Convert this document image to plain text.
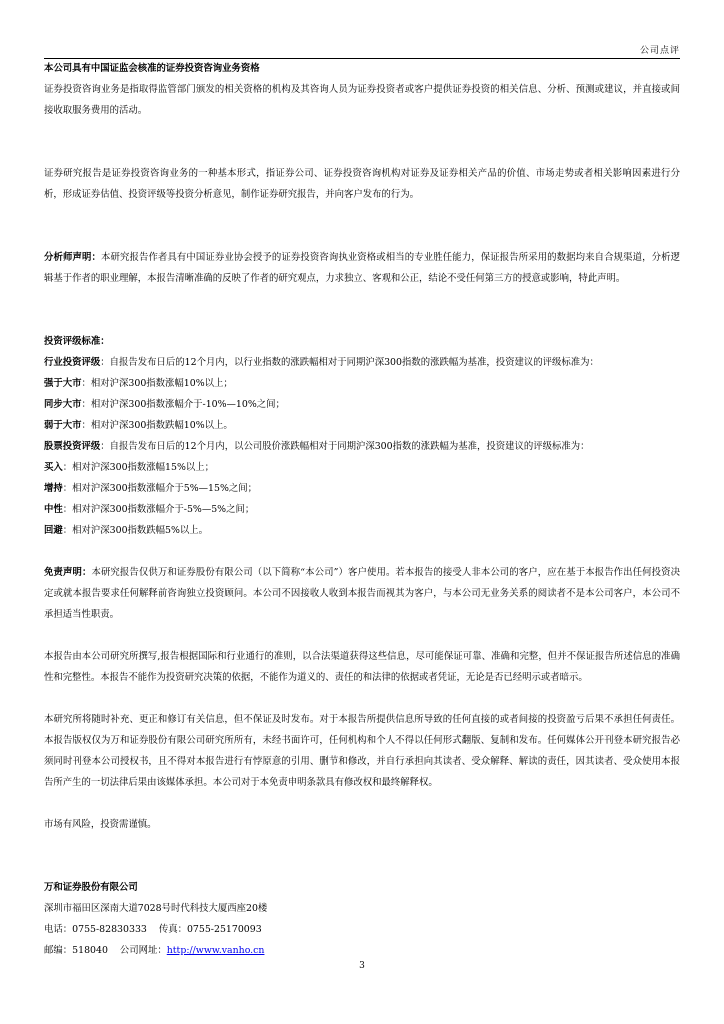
公司点评

本公司具有中国证监会核准的证券投资咨询业务资格

证券投资咨询业务是指取得监管部门颁发的相关资格的机构及其咨询人员为证券投资者或客户提供证券投资的相关信息、分析、预测或建议，并直接或间接收取服务费用的活动。

证券研究报告是证券投资咨询业务的一种基本形式，指证券公司、证券投资咨询机构对证券及证券相关产品的价值、市场走势或者相关影响因素进行分析，形成证券估值、投资评级等投资分析意见，制作证券研究报告，并向客户发布的行为。

分析师声明：本研究报告作者具有中国证券业协会授予的证券投资咨询执业资格或相当的专业胜任能力，保证报告所采用的数据均来自合规渠道，分析逻辑基于作者的职业理解，本报告清晰准确的反映了作者的研究观点，力求独立、客观和公正，结论不受任何第三方的授意或影响，特此声明。

投资评级标准：

行业投资评级：自报告发布日后的12个月内，以行业指数的涨跌幅相对于同期沪深300指数的涨跌幅为基准，投资建议的评级标准为：

强于大市：相对沪深300指数涨幅10%以上；

同步大市：相对沪深300指数涨幅介于-10%—10%之间；

弱于大市：相对沪深300指数跌幅10%以上。

股票投资评级：自报告发布日后的12个月内，以公司股价涨跌幅相对于同期沪深300指数的涨跌幅为基准，投资建议的评级标准为：

买入：相对沪深300指数涨幅15%以上；

增持：相对沪深300指数涨幅介于5%—15%之间；

中性：相对沪深300指数涨幅介于-5%—5%之间；

回避：相对沪深300指数跌幅5%以上。

免责声明：本研究报告仅供万和证券股份有限公司（以下简称“本公司”）客户使用。若本报告的接受人非本公司的客户，应在基于本报告作出任何投资决定或就本报告要求任何解释前咨询独立投资顾问。本公司不因接收人收到本报告而视其为客户，与本公司无业务关系的阅读者不是本公司客户，本公司不承担适当性职责。

本报告由本公司研究所撰写,报告根据国际和行业通行的准则，以合法渠道获得这些信息，尽可能保证可靠、准确和完整，但并不保证报告所述信息的准确性和完整性。本报告不能作为投资研究决策的依据，不能作为道义的、责任的和法律的依据或者凭证，无论是否已经明示或者暗示。

本研究所将随时补充、更正和修订有关信息，但不保证及时发布。对于本报告所提供信息所导致的任何直接的或者间接的投资盈亏后果不承担任何责任。本报告版权仅为万和证券股份有限公司研究所所有，未经书面许可，任何机构和个人不得以任何形式翻版、复制和发布。任何媒体公开刊登本研究报告必须同时刊登本公司授权书，且不得对本报告进行有悖原意的引用、删节和修改，并自行承担向其读者、受众解释、解读的责任，因其读者、受众使用本报告所产生的一切法律后果由该媒体承担。本公司对于本免责申明条款具有修改权和最终解释权。

市场有风险，投资需谨慎。

万和证券股份有限公司

深圳市福田区深南大道7028号时代科技大厦西座20楼

电话：0755-82830333 传真：0755-25170093

邮编：518040 公司网址：http://www.vanho.cn

3
